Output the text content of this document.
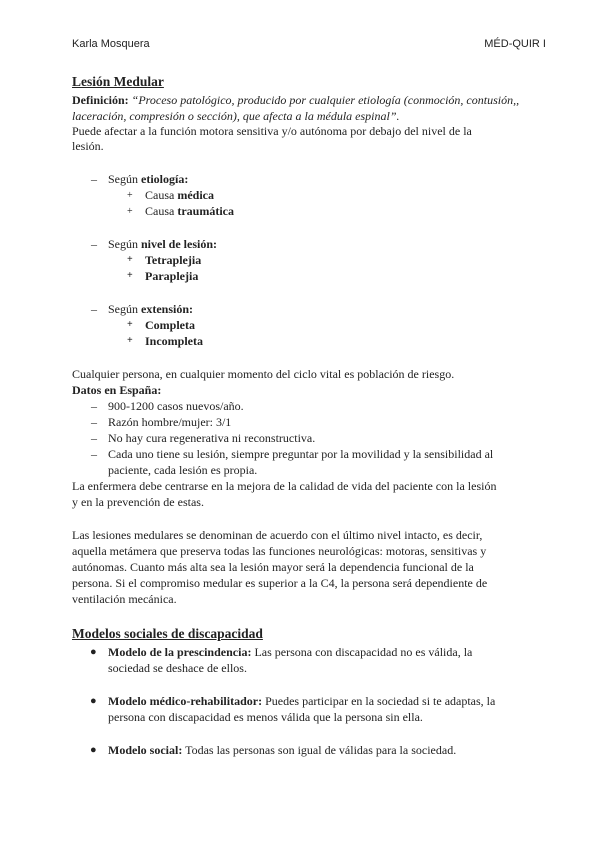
Karla Mosquera	MÉD-QUIR I
Lesión Medular
Definición: “Proceso patológico, producido por cualquier etiología (conmoción, contusión,,
laceración, compresión o sección), que afecta a la médula espinal”.
Puede afectar a la función motora sensitiva y/o autónoma por debajo del nivel de la
lesión.
– Según etiología:
+ Causa médica
+ Causa traumática
– Según nivel de lesión:
+ Tetraplejia
+ Paraplejia
– Según extensión:
+ Completa
+ Incompleta
Cualquier persona, en cualquier momento del ciclo vital es población de riesgo.
Datos en España:
– 900-1200 casos nuevos/año.
– Razón hombre/mujer: 3/1
– No hay cura regenerativa ni reconstructiva.
– Cada uno tiene su lesión, siempre preguntar por la movilidad y la sensibilidad al
paciente, cada lesión es propia.
La enfermera debe centrarse en la mejora de la calidad de vida del paciente con la lesión
y en la prevención de estas.
Las lesiones medulares se denominan de acuerdo con el último nivel intacto, es decir,
aquella metámera que preserva todas las funciones neurológicas: motoras, sensitivas y
autónomas. Cuanto más alta sea la lesión mayor será la dependencia funcional de la
persona. Si el compromiso medular es superior a la C4, la persona será dependiente de
ventilación mecánica.
Modelos sociales de discapacidad
● Modelo de la prescindencia: Las persona con discapacidad no es válida, la
sociedad se deshace de ellos.
● Modelo médico-rehabilitador: Puedes participar en la sociedad si te adaptas, la
persona con discapacidad es menos válida que la persona sin ella.
● Modelo social: Todas las personas son igual de válidas para la sociedad.
